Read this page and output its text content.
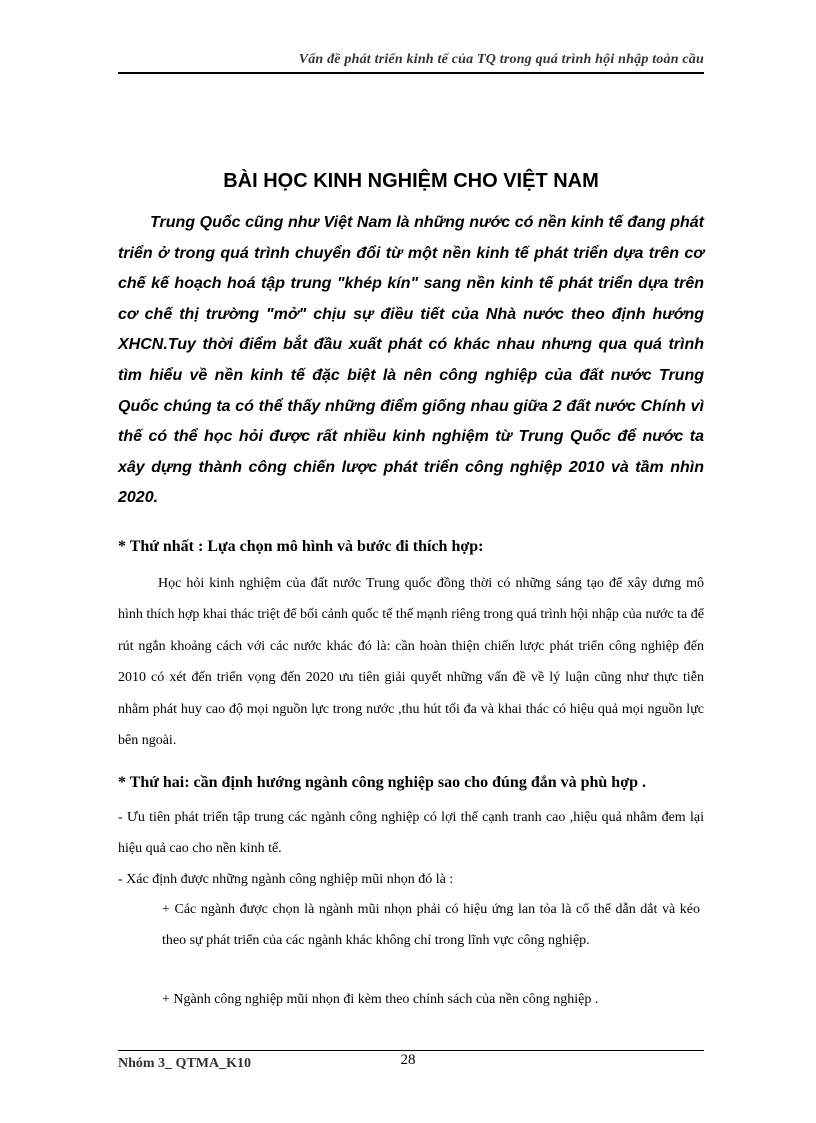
Vấn đề phát triển kinh tế của TQ trong quá trình hội nhập toàn cầu
BÀI HỌC KINH NGHIỆM CHO VIỆT NAM

Trung Quốc cũng như Việt Nam là những nước có nền kinh tế đang phát triển ở trong quá trình chuyển đổi từ một nền kinh tế phát triển dựa trên cơ chế kế hoạch hoá tập trung "khép kín" sang nền kinh tế phát triển dựa trên cơ chế thị trường "mở" chịu sự điều tiết của Nhà nước theo định hướng XHCN.Tuy thời điểm bắt đầu xuất phát có khác nhau nhưng qua quá trình tìm hiểu về nền kinh tế đặc biệt là nên công nghiệp của đất nước Trung Quốc chúng ta có thể thấy những điểm giống nhau giữa 2 đất nước Chính vì thế có thể học hỏi được rất nhiều kinh nghiệm từ Trung Quốc để nước ta xây dựng thành công chiến lược phát triển công nghiệp 2010 và tầm nhìn 2020.

* Thứ nhất : Lựa chọn mô hình và bước đi thích hợp:

Học hỏi kinh nghiệm của đất nước Trung quốc đồng thời có những sáng tạo để xây dưng mô hình thích hợp khai thác triệt để bối cảnh quốc tế thế mạnh riêng trong quá trình hội nhập của nước ta để rút ngắn khoảng cách với các nước khác đó là: cần hoàn thiện chiến lược phát triển công nghiệp đến 2010 có xét đến triển vọng đến 2020 ưu tiên giải quyết những vấn đề về lý luận cũng như thực tiễn nhằm phát huy cao độ mọi nguồn lực trong nước ,thu hút tối đa và khai thác có hiệu quả mọi nguồn lực bên ngoài.

* Thứ hai: cần định hướng ngành công nghiệp sao cho đúng đắn và phù hợp .

- Ưu tiên phát triển tập trung các ngành công nghiệp có lợi thế cạnh tranh cao ,hiệu quả nhằm đem lại hiệu quả cao cho nền kinh tế.

- Xác định được những ngành công nghiệp mũi nhọn đó là :

+ Các ngành được chọn là ngành mũi nhọn phải có hiệu ứng lan tỏa là cổ thể dẫn dắt và kéo theo sự phát triển của các ngành khác không chỉ trong lĩnh vực công nghiệp.

+ Ngành công nghiệp mũi nhọn đi kèm theo chính sách của nền công nghiệp .

Nhóm 3_ QTMA_K10	28
